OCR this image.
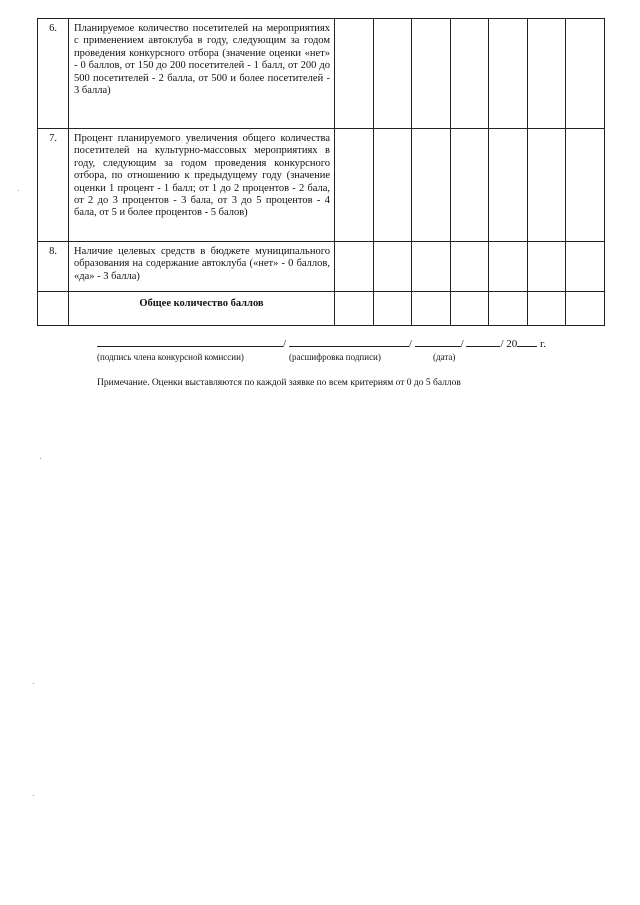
6.	Планируемое количество посетителей на мероприятиях с применением автоклуба в году, следующим за годом проведения конкурсного отбора (значение оценки «нет» - 0 баллов, от 150 до 200 посетителей - 1 балл, от 200 до 500 посетителей - 2 балла, от 500 и более посетителей - 3 балла)							
7.	Процент планируемого увеличения общего количества посетителей на культурно-массовых мероприятиях в году, следующим за годом проведения конкурсного отбора, по отношению к предыдущему году (значение оценки 1 процент - 1 балл; от 1 до 2 процентов - 2 бала, от 2 до 3 процентов - 3 бала, от 3 до 5 процентов - 4 бала, от 5 и более процентов - 5 балов)							
8.	Наличие целевых средств в бюджете муниципального образования на содержание автоклуба («нет» - 0 баллов, «да» - 3 балла)							
	Общее количество баллов							
/	/	/	/ 20 г.
(подпись члена конкурсной комиссии)	(расшифровка подписи)	(дата)
Примечание. Оценки выставляются по каждой заявке по всем критериям от 0 до 5 баллов
